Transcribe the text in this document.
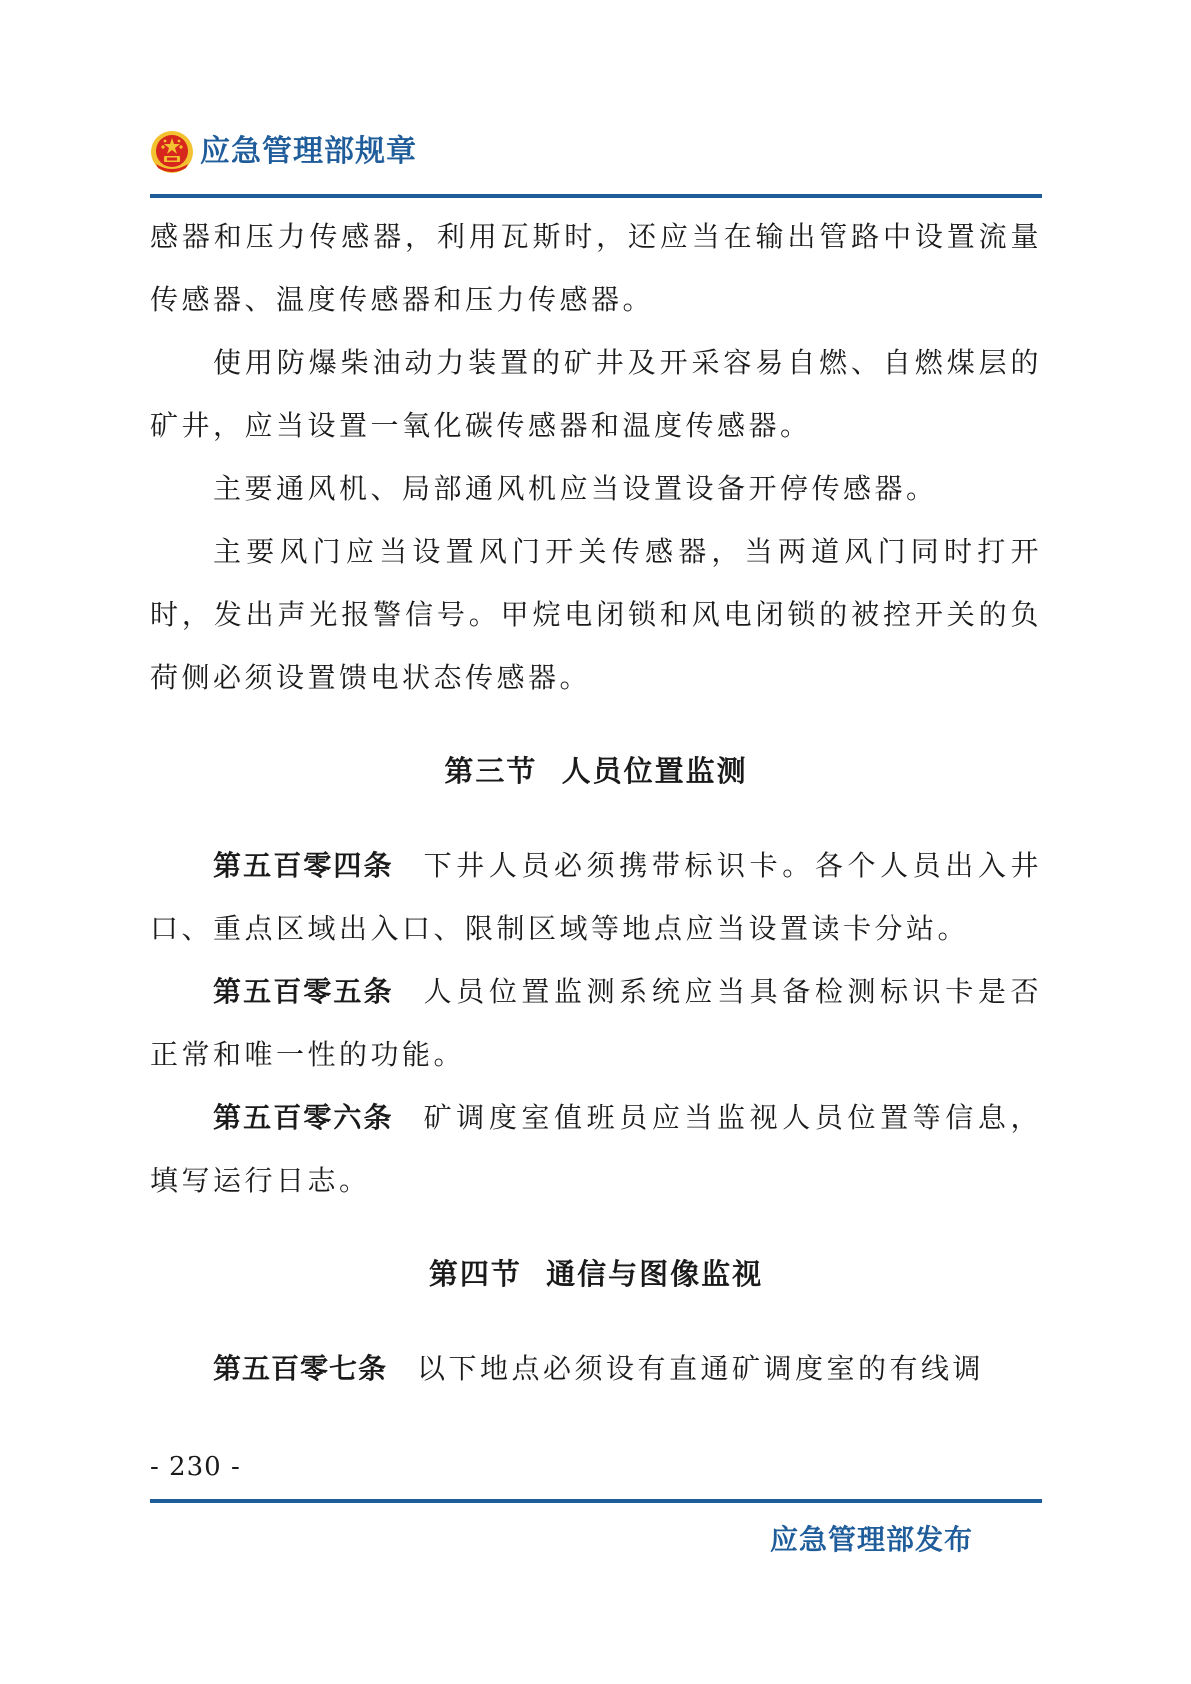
应急管理部规章

感器和压力传感器，利用瓦斯时，还应当在输出管路中设置流量传感器、温度传感器和压力传感器。

使用防爆柴油动力装置的矿井及开采容易自燃、自燃煤层的矿井，应当设置一氧化碳传感器和温度传感器。

主要通风机、局部通风机应当设置设备开停传感器。

主要风门应当设置风门开关传感器，当两道风门同时打开时，发出声光报警信号。甲烷电闭锁和风电闭锁的被控开关的负荷侧必须设置馈电状态传感器。

第三节  人员位置监测

第五百零四条 下井人员必须携带标识卡。各个人员出入井口、重点区域出入口、限制区域等地点应当设置读卡分站。

第五百零五条 人员位置监测系统应当具备检测标识卡是否正常和唯一性的功能。

第五百零六条 矿调度室值班员应当监视人员位置等信息，填写运行日志。

第四节  通信与图像监视

第五百零七条 以下地点必须设有直通矿调度室的有线调

- 230 -
应急管理部发布
